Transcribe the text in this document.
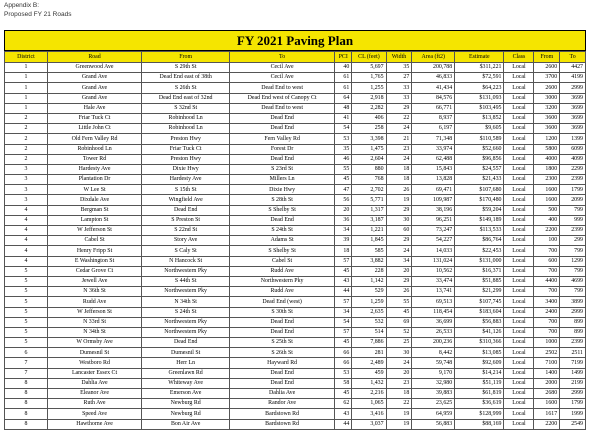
Appendix B:
Proposed FY 21 Roads
FY 2021 Paving Plan
District	Road	From	To	PCI	CL (feet)	Width	Area (ft2)	Estimate	Class	From	To
1	Greenwood Ave	S 29th St	Cecil Ave	40	5,697	35	200,788	$311,221	Local	2600	4427
1	Grand Ave	Dead End east of 38th	Cecil Ave	61	1,765	27	46,833	$72,591	Local	3700	4199
1	Grand Ave	S 26th St	Dead End to west	61	1,255	33	41,434	$64,223	Local	2600	2999
1	Grand Ave	Dead End east of 32nd	Dead End west of Canopy Ct	64	2,918	33	84,576	$131,093	Local	3000	3699
1	Hale Ave	S 32nd St	Dead End to west	48	2,282	29	66,771	$103,495	Local	3200	3699
2	Friar Tuck Ct	Robinhood Ln	Dead End	41	406	22	8,937	$13,852	Local	3600	3699
2	Little John Ct	Robinhood Ln	Dead End	54	258	24	6,197	$9,605	Local	3600	3699
2	Old Fern Valley Rd	Preston Hwy	Fern Valley Rd	53	3,398	21	71,348	$110,589	Local	1200	1399
2	Robinhood Ln	Friar Tuck Ct	Forest Dr	35	1,475	23	33,974	$52,660	Local	5800	6099
2	Tower Rd	Preston Hwy	Dead End	46	2,604	24	62,488	$96,856	Local	4000	4099
3	Hardesty Ave	Dixie Hwy	S 23rd St	55	880	18	15,843	$24,557	Local	1800	2299
3	Plantation Dr	Hardesty Ave	Millers Ln	45	768	18	13,828	$21,433	Local	2300	2399
3	W Lee St	S 15th St	Dixie Hwy	47	2,702	26	69,471	$107,680	Local	1600	1799
3	Dixdale Ave	Wingfield Ave	S 28th St	56	5,771	19	109,987	$170,480	Local	1600	2099
4	Bergman St	Dead End	S Shelby St	20	1,317	29	38,196	$59,204	Local	500	799
4	Lampton St	S Preston St	Dead End	36	3,187	30	96,251	$149,189	Local	400	999
4	W Jefferson St	S 22nd St	S 24th St	34	1,221	60	73,247	$113,533	Local	2200	2399
4	Cabel St	Story Ave	Adams St	39	1,845	29	54,227	$86,764	Local	100	299
4	Henry Fripp St	S Caly St	S Shelby St	18	585	24	14,033	$22,453	Local	700	799
4	E Washington St	N Hancock St	Cabel St	57	3,882	34	131,024	$131,000	Local	600	1299
5	Cedar Grove Ct	Northwestern Pky	Rudd Ave	45	228	20	10,562	$16,371	Local	700	799
5	Jewell Ave	S 44th St	Northwestern Pky	43	1,142	29	33,474	$51,885	Local	4400	4699
5	N 36th St	Northwestern Pky	Rudd Ave	44	529	26	13,741	$21,299	Local	700	799
5	Rudd Ave	N 34th St	Dead End (west)	57	1,259	55	69,513	$107,745	Local	3400	3899
5	W Jefferson St	S 24th St	S 30th St	34	2,635	45	118,454	$183,604	Local	2400	2999
5	N 33rd St	Northwestern Pky	Dead End	54	532	69	36,699	$56,883	Local	700	899
5	N 34th St	Northwestern Pky	Dead End	57	514	52	26,533	$41,126	Local	700	899
5	W Ormsby Ave	Dead End	S 25th St	45	7,886	25	200,236	$310,366	Local	1000	2399
6	Dumesnil St	Dumesnil St	S 26th St	66	281	30	8,442	$13,085	Local	2502	2511
7	Westboro Rd	Herr Ln	Hayward Rd	66	2,489	24	59,748	$92,609	Local	7100	7199
7	Lancaster Essex Ct	Greenlawn Rd	Dead End	53	459	20	9,170	$14,214	Local	1400	1499
8	Dahlia Ave	Whiteway Ave	Dead End	58	1,432	23	32,980	$51,119	Local	2000	2199
8	Eleanor Ave	Emerson Ave	Dahlia Ave	45	2,216	18	39,883	$61,819	Local	2680	2999
8	Ruth Ave	Newburg Rd	Randor Ave	62	1,065	22	23,625	$36,619	Local	1600	1799
8	Speed Ave	Newburg Rd	Bardstown Rd	43	3,416	19	64,959	$128,999	Local	1617	1999
8	Hawthorne Ave	Bon Air Ave	Bardstown Rd	44	3,037	19	56,883	$88,169	Local	2200	2549
